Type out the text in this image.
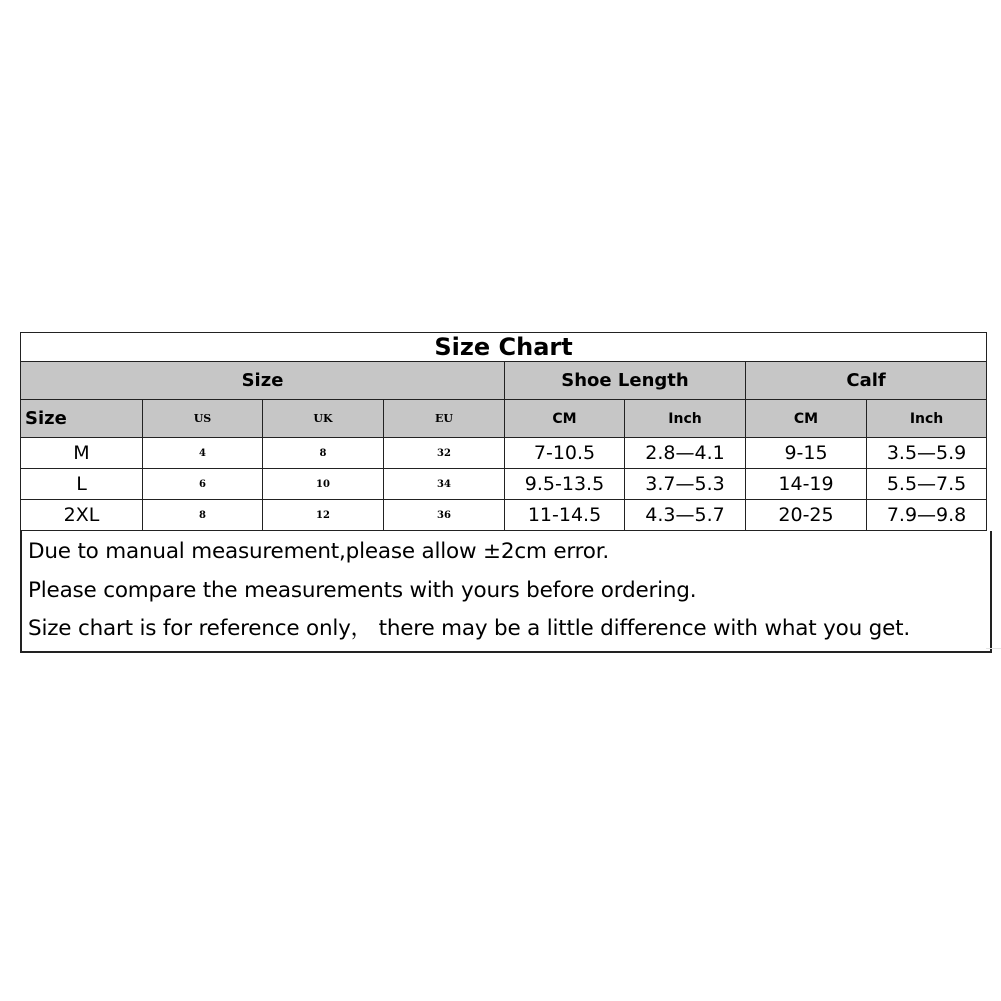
Size Chart							
Size				Shoe Length		Calf	
Size	US	UK	EU	CM	Inch	CM	Inch
M	4	8	32	7-10.5	2.8—4.1	9-15	3.5—5.9
L	6	10	34	9.5-13.5	3.7—5.3	14-19	5.5—7.5
2XL	8	12	36	11-14.5	4.3—5.7	20-25	7.9—9.8
Due to manual measurement,please allow ±2cm error.
Please compare the measurements with yours before ordering.
Size chart is for reference only， there may be a little difference with what you get.
